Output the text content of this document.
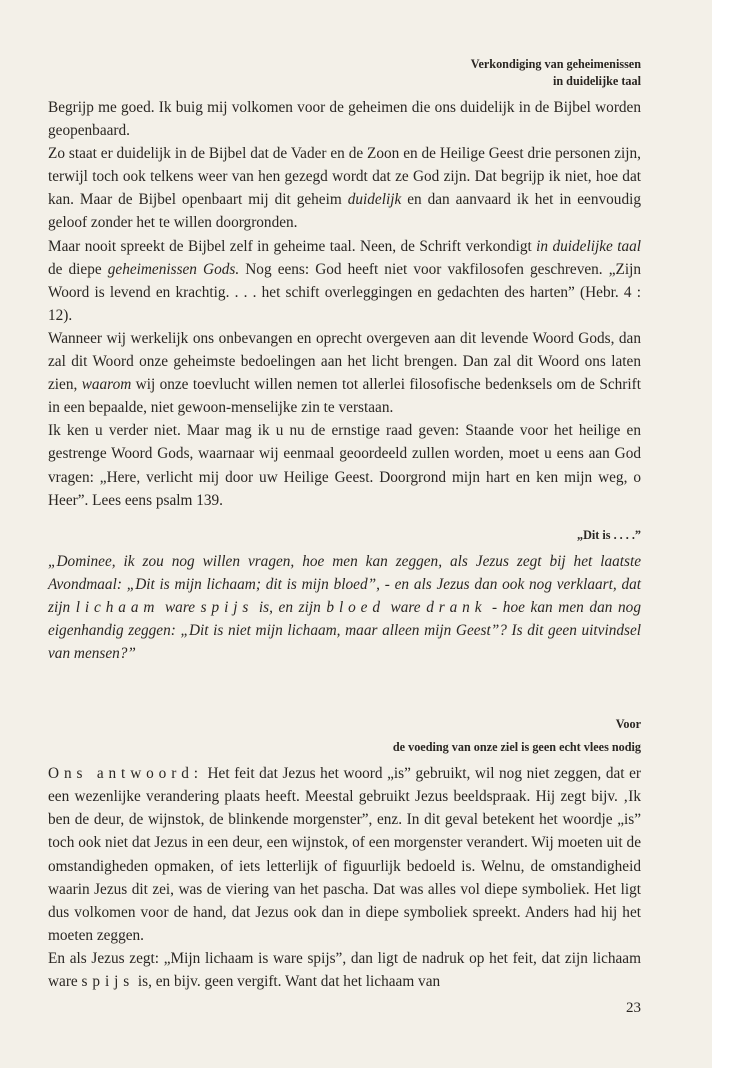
Verkondiging van geheimenissen
in duidelijke taal

Begrijp me goed. Ik buig mij volkomen voor de geheimen die ons duidelijk in de Bijbel worden geopenbaard.

Zo staat er duidelijk in de Bijbel dat de Vader en de Zoon en de Heilige Geest drie personen zijn, terwijl toch ook telkens weer van hen gezegd wordt dat ze God zijn. Dat begrijp ik niet, hoe dat kan. Maar de Bijbel openbaart mij dit geheim duidelijk en dan aanvaard ik het in eenvoudig geloof zonder het te willen doorgronden.

Maar nooit spreekt de Bijbel zelf in geheime taal. Neen, de Schrift verkondigt in duidelijke taal de diepe geheimenissen Gods. Nog eens: God heeft niet voor vakfilosofen geschreven. „Zijn Woord is levend en krachtig. . . . het schift overleggingen en gedachten des harten” (Hebr. 4 : 12).

Wanneer wij werkelijk ons onbevangen en oprecht overgeven aan dit levende Woord Gods, dan zal dit Woord onze geheimste bedoelingen aan het licht brengen. Dan zal dit Woord ons laten zien, waarom wij onze toevlucht willen nemen tot allerlei filosofische bedenksels om de Schrift in een bepaalde, niet gewoon-menselijke zin te verstaan.

Ik ken u verder niet. Maar mag ik u nu de ernstige raad geven: Staande voor het heilige en gestrenge Woord Gods, waarnaar wij eenmaal geoordeeld zullen worden, moet u eens aan God vragen: „Here, verlicht mij door uw Heilige Geest. Doorgrond mijn hart en ken mijn weg, o Heer”. Lees eens psalm 139.

„Dit is . . . .”

„Dominee, ik zou nog willen vragen, hoe men kan zeggen, als Jezus zegt bij het laatste Avondmaal: „Dit is mijn lichaam; dit is mijn bloed”, - en als Jezus dan ook nog verklaart, dat zijn lichaam ware spijs is, en zijn bloed ware drank - hoe kan men dan nog eigenhandig zeggen: „Dit is niet mijn lichaam, maar alleen mijn Geest”? Is dit geen uitvindsel van mensen?”

Voor
de voeding van onze ziel is geen echt vlees nodig

Ons antwoord: Het feit dat Jezus het woord „is” gebruikt, wil nog niet zeggen, dat er een wezenlijke verandering plaats heeft. Meestal gebruikt Jezus beeldspraak. Hij zegt bijv. ‚Ik ben de deur, de wijnstok, de blinkende morgenster”, enz. In dit geval betekent het woordje „is” toch ook niet dat Jezus in een deur, een wijnstok, of een morgenster verandert. Wij moeten uit de omstandigheden opmaken, of iets letterlijk of figuurlijk bedoeld is. Welnu, de omstandigheid waarin Jezus dit zei, was de viering van het pascha. Dat was alles vol diepe symboliek. Het ligt dus volkomen voor de hand, dat Jezus ook dan in diepe symboliek spreekt. Anders had hij het moeten zeggen.

En als Jezus zegt: „Mijn lichaam is ware spijs”, dan ligt de nadruk op het feit, dat zijn lichaam ware spijs is, en bijv. geen vergift. Want dat het lichaam van

23
